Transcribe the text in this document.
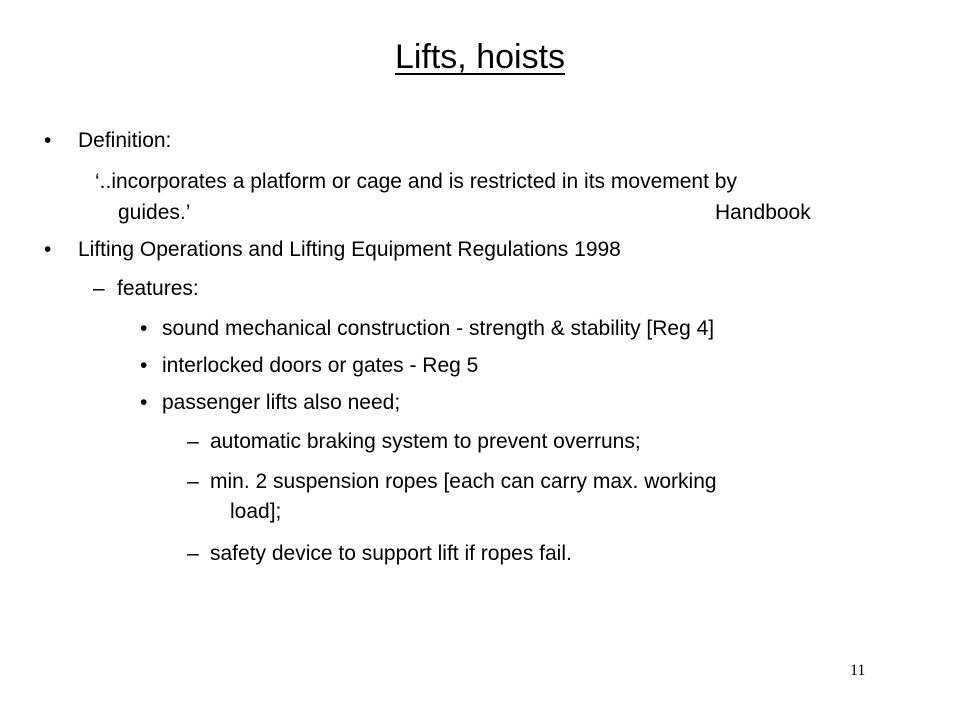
Lifts, hoists
• Definition:
‘..incorporates a platform or cage and is restricted in its movement by
guides.’	Handbook
• Lifting Operations and Lifting Equipment Regulations 1998
– features:
• sound mechanical construction - strength & stability [Reg 4]
• interlocked doors or gates - Reg 5
• passenger lifts also need;
– automatic braking system to prevent overruns;
– min. 2 suspension ropes [each can carry max. working
load];
– safety device to support lift if ropes fail.
11
